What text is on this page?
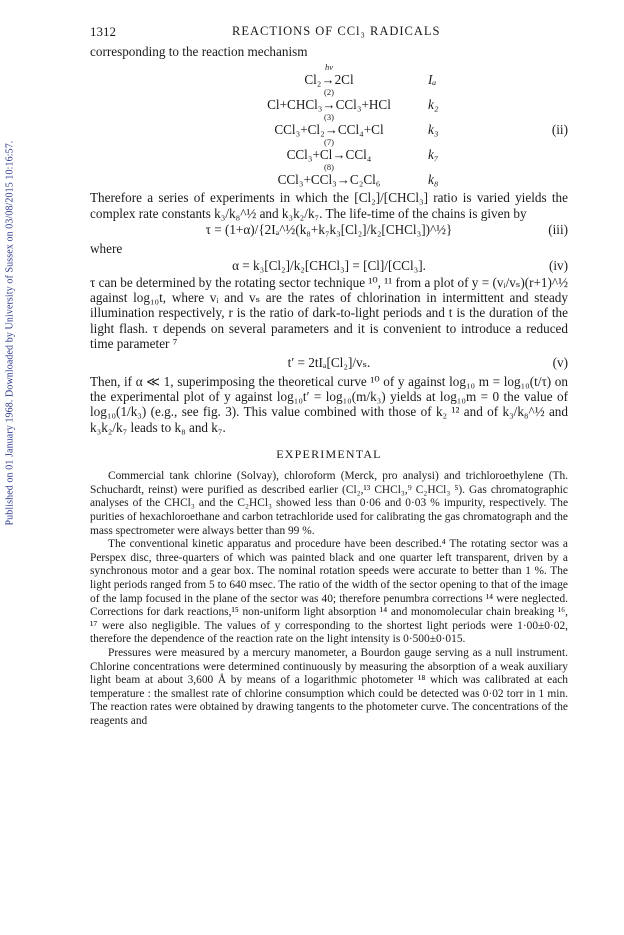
Published on 01 January 1968. Downloaded by University of Sussex on 03/08/2015 10:16:57.
1312	REACTIONS OF CCl₃ RADICALS

corresponding to the reaction mechanism

hν
Cl₂→2Cl	Iₐ
(2)
Cl+CHCl₃→CCl₃+HCl	k₂
(3)
CCl₃+Cl₂→CCl₄+Cl	k₃	(ii)
(7)
CCl₃+Cl→CCl₄	k₇
(8)
CCl₃+CCl₃→C₂Cl₆	k₈

Therefore a series of experiments in which the [Cl₂]/[CHCl₃] ratio is varied yields the complex rate constants k₃/k₈^½ and k₃k₂/k₇. The life-time of the chains is given by

τ = (1+α)/{2Iₐ^½(k₈+k₇k₃[Cl₂]/k₂[CHCl₃])^½}	(iii)

where

α = k₃[Cl₂]/k₂[CHCl₃] = [Cl]/[CCl₃].	(iv)

τ can be determined by the rotating sector technique ¹⁰, ¹¹ from a plot of y = (vᵢ/vₛ)(r+1)^½ against log₁₀t, where vᵢ and vₛ are the rates of chlorination in intermittent and steady illumination respectively, r is the ratio of dark-to-light periods and t is the duration of the light flash. τ depends on several parameters and it is convenient to introduce a reduced time parameter ⁷

t′ = 2tIₐ[Cl₂]/vₛ.	(v)

Then, if α ≪ 1, superimposing the theoretical curve ¹⁰ of y against log₁₀ m = log₁₀(t/τ) on the experimental plot of y against log₁₀t′ = log₁₀(m/k₃) yields at log₁₀m = 0 the value of log₁₀(1/k₃) (e.g., see fig. 3). This value combined with those of k₂ ¹² and of k₃/k₈^½ and k₃k₂/k₇ leads to k₈ and k₇.

EXPERIMENTAL

Commercial tank chlorine (Solvay), chloroform (Merck, pro analysi) and trichloroethylene (Th. Schuchardt, reinst) were purified as described earlier (Cl₂,¹³ CHCl₃,⁹ C₂HCl₃ ⁵). Gas chromatographic analyses of the CHCl₃ and the C₂HCl₃ showed less than 0·06 and 0·03 % impurity, respectively. The purities of hexachloroethane and carbon tetrachloride used for calibrating the gas chromatograph and the mass spectrometer were always better than 99 %.

The conventional kinetic apparatus and procedure have been described.⁴ The rotating sector was a Perspex disc, three-quarters of which was painted black and one quarter left transparent, driven by a synchronous motor and a gear box. The nominal rotation speeds were accurate to better than 1 %. The light periods ranged from 5 to 640 msec. The ratio of the width of the sector opening to that of the image of the lamp focused in the plane of the sector was 40; therefore penumbra corrections ¹⁴ were neglected. Corrections for dark reactions,¹⁵ non-uniform light absorption ¹⁴ and monomolecular chain breaking ¹⁶, ¹⁷ were also negligible. The values of y corresponding to the shortest light periods were 1·00±0·02, therefore the dependence of the reaction rate on the light intensity is 0·500±0·015.

Pressures were measured by a mercury manometer, a Bourdon gauge serving as a null instrument. Chlorine concentrations were determined continuously by measuring the absorption of a weak auxiliary light beam at about 3,600 Å by means of a logarithmic photometer ¹⁸ which was calibrated at each temperature : the smallest rate of chlorine consumption which could be detected was 0·02 torr in 1 min. The reaction rates were obtained by drawing tangents to the photometer curve. The concentrations of the reagents and
